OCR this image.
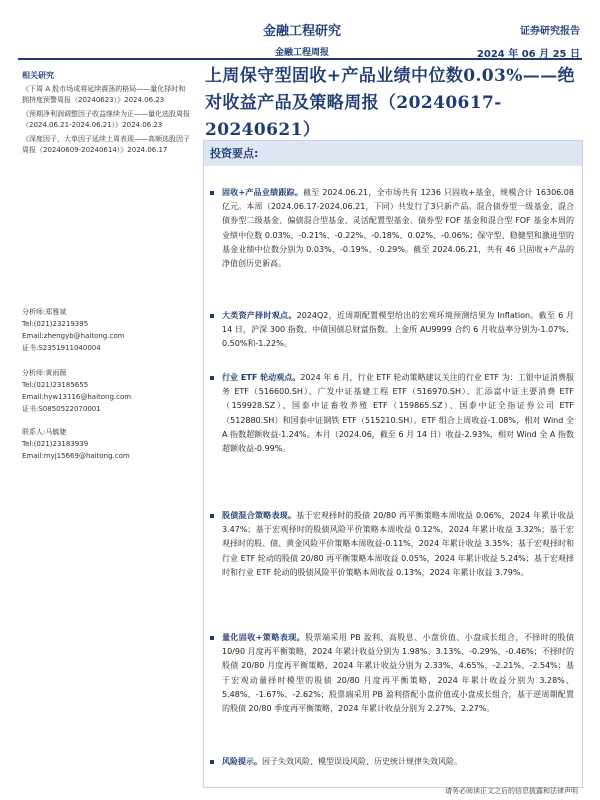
金融工程研究
金融工程周报
证券研究报告
2024 年 06 月 25 日
相关研究
《下周 A 股市场或将延续震荡的格局——量化择时和拥挤度预警周报（20240623）》2024.06.23
《预期净利润调整因子收益继续为正——量化选股周报（2024.06.21-2024.06.21）》2024.06.23
《深度因子，大单因子延续上周表现——高频选股因子周报（20240609-20240614）》2024.06.17
分析师:郑雅斌
Tel:(021)23219395
Email:zhengyb@haitong.com
证书:S2351911040004
分析师:黄雨薇
Tel:(021)23185655
Email:hyw13116@haitong.com
证书:S0850522070001
联系人:马毓婕
Tel:(021)23183939
Email:myj15669@haitong.com
上周保守型固收+产品业绩中位数0.03%——绝对收益产品及策略周报（20240617-20240621）
投资要点:
固收+产品业绩跟踪。截至 2024.06.21，全市场共有 1236 只固收+基金，规模合计 16306.08 亿元。本周（2024.06.17-2024.06.21，下同）共发行了3只新产品。混合债券型一级基金、混合债券型二级基金、偏债混合型基金、灵活配置型基金、债券型 FOF 基金和混合型 FOF 基金本周的业绩中位数 0.03%、-0.21%、-0.22%、-0.18%、0.02%、-0.06%；保守型、稳健型和激进型的基金业绩中位数分别为 0.03%、-0.19%、-0.29%。截至 2024.06.21，共有 46 只固收+产品的净值创历史新高。
大类资产择时观点。2024Q2，近周期配置模型给出的宏观环境预测结果为 Inflation。截至 6 月 14 日，沪深 300 指数、中债国债总财富指数、上金所 AU9999 合约 6 月收益率分别为-1.07%、0.50%和-1.22%。
行业 ETF 轮动观点。2024 年 6 月，行业 ETF 轮动策略建议关注的行业 ETF 为：工银中证消费服务 ETF（516600.SH）、广发中证基建工程 ETF（516970.SH）、汇添富中证主要消费 ETF（159928.SZ）、国泰中证畜牧养殖 ETF（159865.SZ）、国泰中证全指证券公司 ETF（512880.SH）和国泰中证钢铁 ETF（515210.SH）。ETF 组合上周收益-1.08%，相对 Wind 全 A 指数超额收益-1.24%。本月（2024.06，截至 6 月 14 日）收益-2.93%，相对 Wind 全 A 指数超额收益-0.99%。
股债混合策略表现。基于宏观择时的股债 20/80 再平衡策略本周收益 0.06%，2024 年累计收益 3.47%；基于宏观择时的股债风险平价策略本周收益 0.12%，2024 年累计收益 3.32%；基于宏观择时的股、债、黄金风险平价策略本周收益-0.11%，2024 年累计收益 3.35%；基于宏观择时和行业 ETF 轮动的股债 20/80 再平衡策略本周收益 0.05%，2024 年累计收益 5.24%；基于宏观择时和行业 ETF 轮动的股债风险平价策略本周收益 0.13%，2024 年累计收益 3.79%。
量化固收+策略表现。股票端采用 PB 盈利、高股息、小盘价值、小盘成长组合，不择时的股债 10/90 月度再平衡策略，2024 年累计收益分别为 1.98%、3.13%、-0.29%、-0.46%；不择时的股债 20/80 月度再平衡策略，2024 年累计收益分别为 2.33%、4.65%、-2.21%、-2.54%；基于宏观动量择时模型的股债 20/80 月度再平衡策略，2024 年累计收益分别为 3.28%、5.48%、-1.67%、-2.62%；股票端采用 PB 盈利搭配小盘价值或小盘成长组合，基于逆周期配置的股债 20/80 季度再平衡策略，2024 年累计收益分别为 2.27%、2.27%。
风险提示。因子失效风险、模型误设风险、历史统计规律失效风险。
请务必阅读正文之后的信息披露和法律声明
